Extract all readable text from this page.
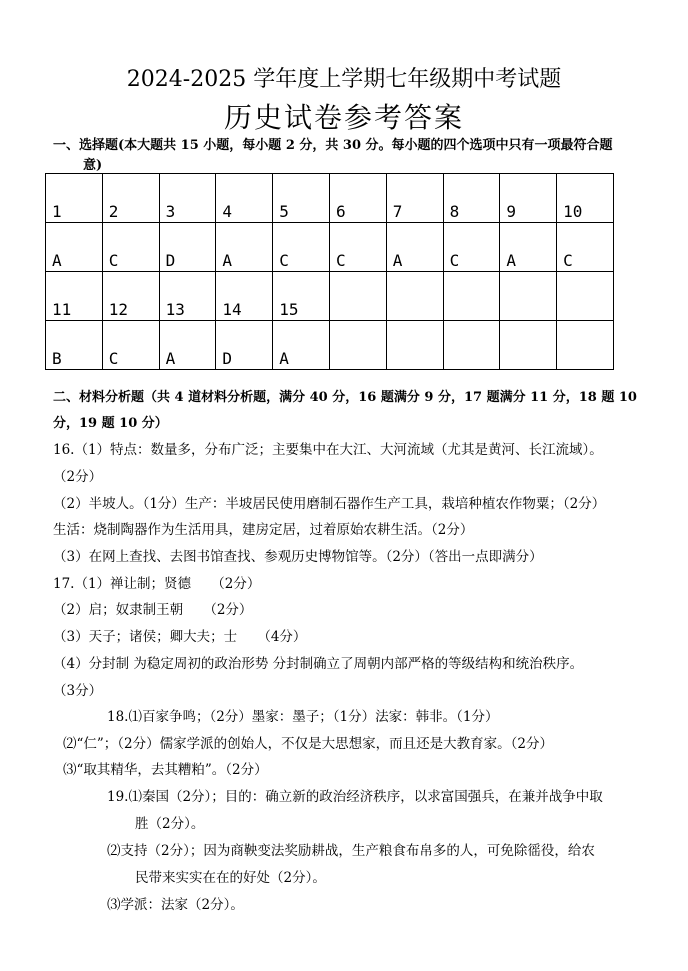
2024-2025 学年度上学期七年级期中考试题
历史试卷参考答案
一、选择题(本大题共 15 小题，每小题 2 分，共 30 分。每小题的四个选项中只有一项最符合题
意)
1	2	3	4	5	6	7	8	9	10

A	C	D	A	C	C	A	C	A	C

11	12	13	14	15					

B	C	A	D	A					

二、材料分析题（共 4 道材料分析题，满分 40 分，16 题满分 9 分，17 题满分 11 分，18 题 10
分，19 题 10 分）
16.（1）特点：数量多，分布广泛；主要集中在大江、大河流域（尤其是黄河、长江流域）。
（2分）
（2）半坡人。（1分）生产：半坡居民使用磨制石器作生产工具，栽培种植农作物粟；（2分）
生活：烧制陶器作为生活用具，建房定居，过着原始农耕生活。（2分）
（3）在网上查找、去图书馆查找、参观历史博物馆等。（2分）（答出一点即满分）
17.（1）禅让制；贤德　　（2分）
（2）启；奴隶制王朝　　（2分）
（3）天子；诸侯；卿大夫；士　　（4分）
（4）分封制 为稳定周初的政治形势 分封制确立了周朝内部严格的等级结构和统治秩序。
（3分）
18.⑴百家争鸣；（2分）墨家：墨子；（1分）法家：韩非。（1分）
⑵“仁”；（2分）儒家学派的创始人，不仅是大思想家，而且还是大教育家。（2分）
⑶“取其精华，去其糟粕”。（2分）
19.⑴秦国（2分）；目的：确立新的政治经济秩序，以求富国强兵，在兼并战争中取
胜（2分）。
⑵支持（2分）；因为商鞅变法奖励耕战，生产粮食布帛多的人，可免除徭役，给农
民带来实实在在的好处（2分）。
⑶学派：法家（2分）。
